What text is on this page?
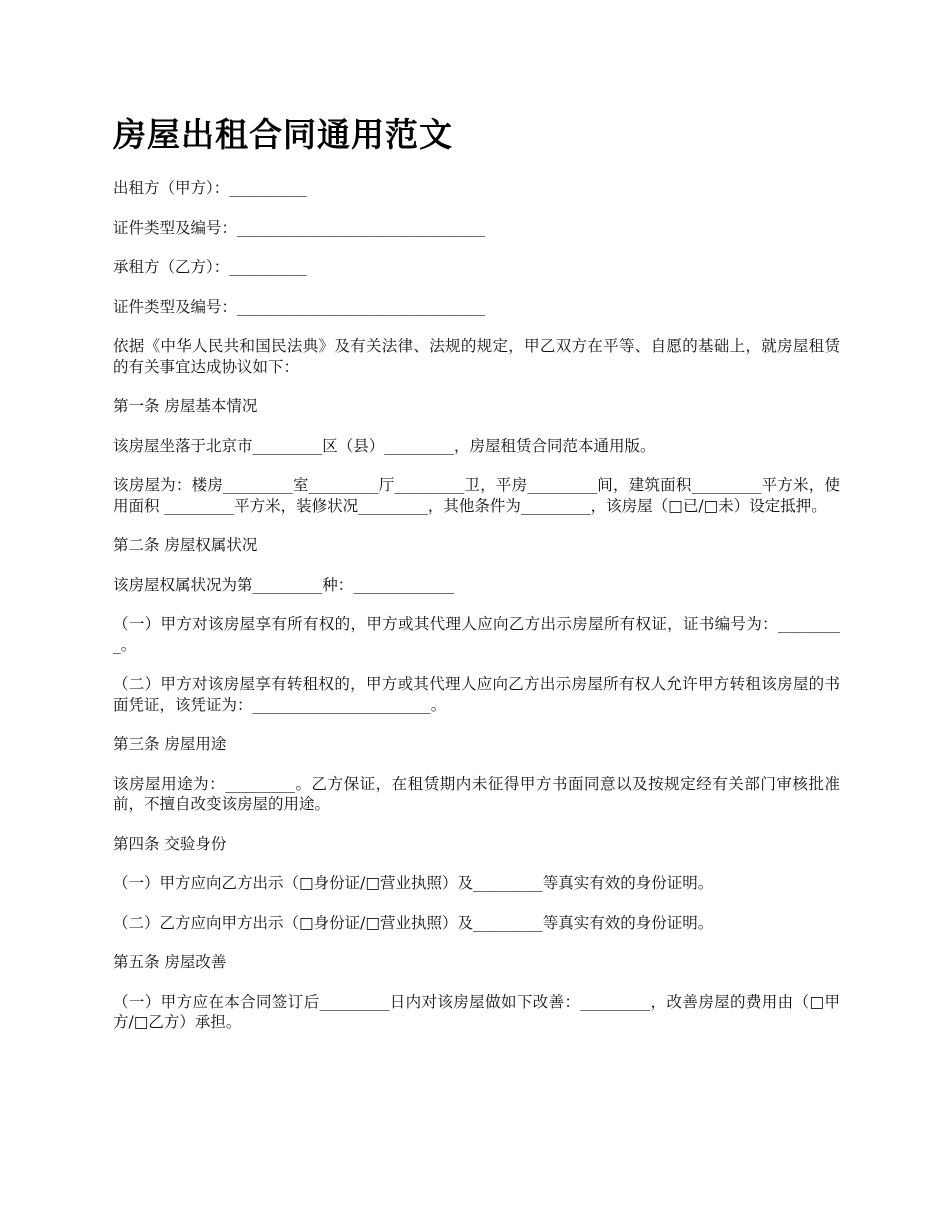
房屋出租合同通用范文

出租方（甲方）：__________

证件类型及编号：________________________________

承租方（乙方）：__________

证件类型及编号：________________________________

依据《中华人民共和国民法典》及有关法律、法规的规定，甲乙双方在平等、自愿的基础上，就房屋租赁的有关事宜达成协议如下：

第一条 房屋基本情况

该房屋坐落于北京市_________区（县）_________，房屋租赁合同范本通用版。

该房屋为：楼房_________室_________厅_________卫，平房_________间，建筑面积_________平方米，使用面积 _________平方米，装修状况_________，其他条件为_________，该房屋（□已/□未）设定抵押。

第二条 房屋权属状况

该房屋权属状况为第_________种：_____________

（一）甲方对该房屋享有所有权的，甲方或其代理人应向乙方出示房屋所有权证，证书编号为：_________。

（二）甲方对该房屋享有转租权的，甲方或其代理人应向乙方出示房屋所有权人允许甲方转租该房屋的书面凭证，该凭证为：_______________________。

第三条 房屋用途

该房屋用途为：_________。乙方保证，在租赁期内未征得甲方书面同意以及按规定经有关部门审核批准前，不擅自改变该房屋的用途。

第四条 交验身份

（一）甲方应向乙方出示（□身份证/□营业执照）及_________等真实有效的身份证明。

（二）乙方应向甲方出示（□身份证/□营业执照）及_________等真实有效的身份证明。

第五条 房屋改善

（一）甲方应在本合同签订后_________日内对该房屋做如下改善：_________，改善房屋的费用由（□甲方/□乙方）承担。
